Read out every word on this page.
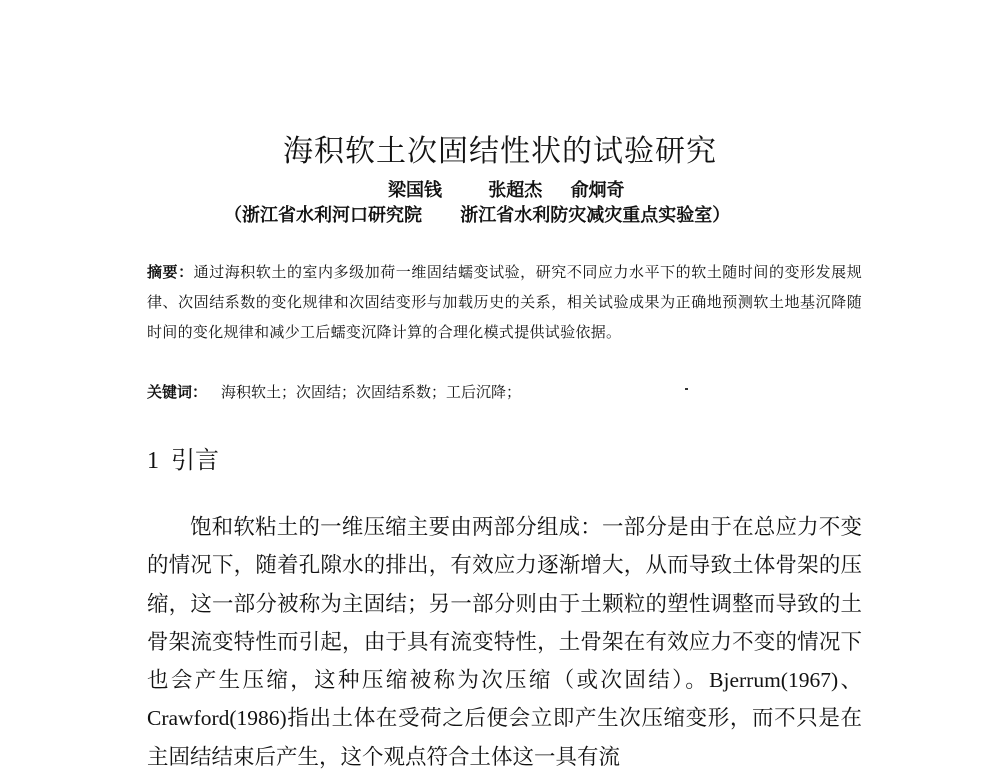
海积软土次固结性状的试验研究
梁国钱	张超杰 俞炯奇
（浙江省水利河口研究院 浙江省水利防灾减灾重点实验室）
摘要：通过海积软土的室内多级加荷一维固结蠕变试验，研究不同应力水平下的软土随时间的变形发展规律、次固结系数的变化规律和次固结变形与加载历史的关系，相关试验成果为正确地预测软土地基沉降随时间的变化规律和减少工后蠕变沉降计算的合理化模式提供试验依据。
关键词： 海积软土；次固结；次固结系数；工后沉降；
1 引言

饱和软粘土的一维压缩主要由两部分组成：一部分是由于在总应力不变的情况下，随着孔隙水的排出，有效应力逐渐增大，从而导致土体骨架的压缩，这一部分被称为主固结；另一部分则由于土颗粒的塑性调整而导致的土骨架流变特性而引起，由于具有流变特性，土骨架在有效应力不变的情况下也会产生压缩，这种压缩被称为次压缩（或次固结）。Bjerrum(1967)、Crawford(1986)指出土体在受荷之后便会立即产生次压缩变形，而不只是在主固结结束后产生，这个观点符合土体这一具有流
